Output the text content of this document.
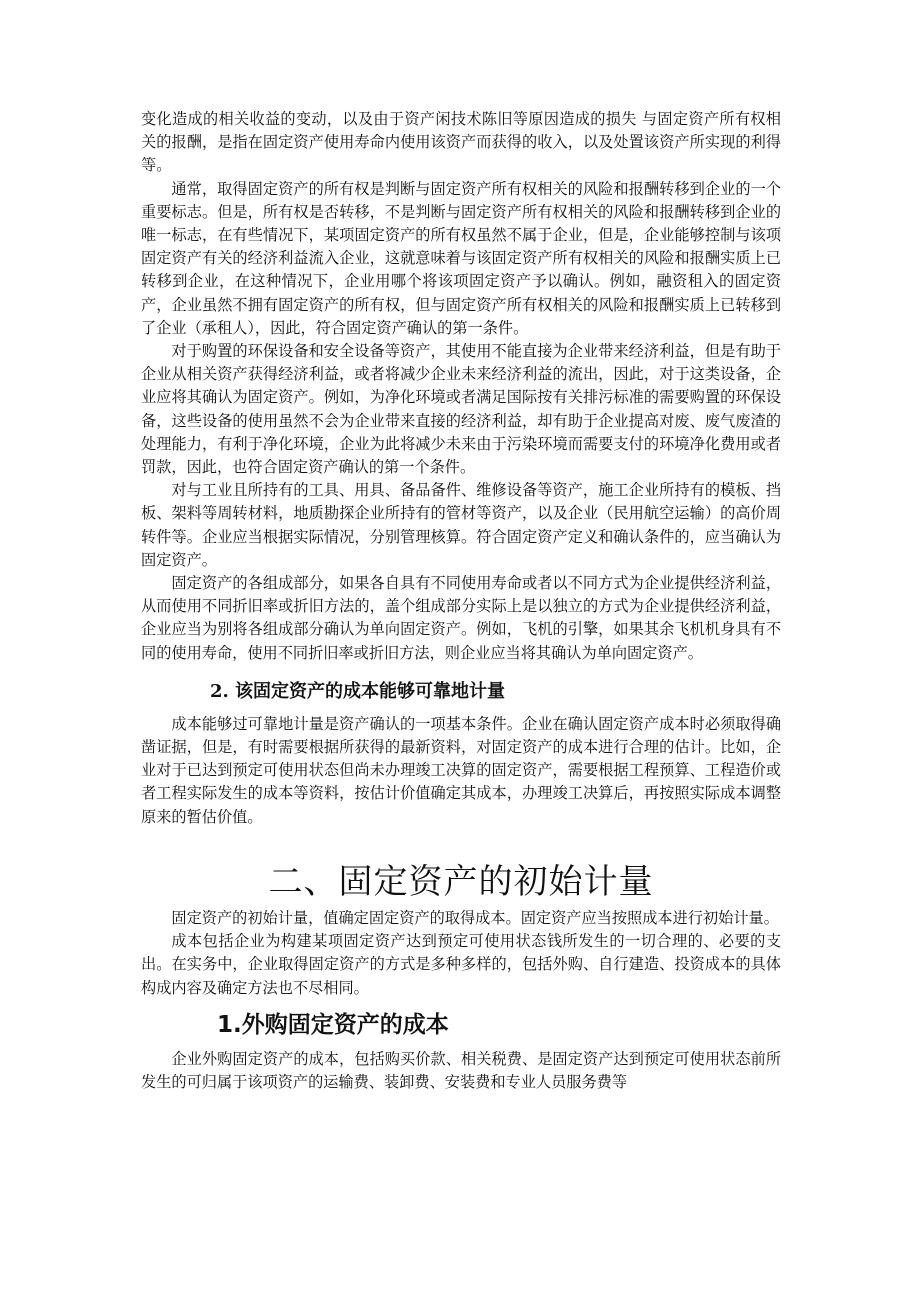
变化造成的相关收益的变动，以及由于资产闲技术陈旧等原因造成的损失 与固定资产所有权相关的报酬，是指在固定资产使用寿命内使用该资产而获得的收入，以及处置该资产所实现的利得等。

通常，取得固定资产的所有权是判断与固定资产所有权相关的风险和报酬转移到企业的一个重要标志。但是，所有权是否转移，不是判断与固定资产所有权相关的风险和报酬转移到企业的唯一标志，在有些情况下，某项固定资产的所有权虽然不属于企业，但是，企业能够控制与该项固定资产有关的经济利益流入企业，这就意味着与该固定资产所有权相关的风险和报酬实质上已转移到企业，在这种情况下，企业用哪个将该项固定资产予以确认。例如，融资租入的固定资产，企业虽然不拥有固定资产的所有权，但与固定资产所有权相关的风险和报酬实质上已转移到了企业（承租人），因此，符合固定资产确认的第一条件。

对于购置的环保设备和安全设备等资产，其使用不能直接为企业带来经济利益，但是有助于企业从相关资产获得经济利益，或者将减少企业未来经济利益的流出，因此，对于这类设备，企业应将其确认为固定资产。例如，为净化环境或者满足国际按有关排污标准的需要购置的环保设备，这些设备的使用虽然不会为企业带来直接的经济利益，却有助于企业提高对废、废气废渣的处理能力，有利于净化环境，企业为此将减少未来由于污染环境而需要支付的环境净化费用或者罚款，因此，也符合固定资产确认的第一个条件。

对与工业且所持有的工具、用具、备品备件、维修设备等资产，施工企业所持有的模板、挡板、架料等周转材料，地质勘探企业所持有的管材等资产，以及企业（民用航空运输）的高价周转件等。企业应当根据实际情况，分别管理核算。符合固定资产定义和确认条件的，应当确认为固定资产。

固定资产的各组成部分，如果各自具有不同使用寿命或者以不同方式为企业提供经济利益，从而使用不同折旧率或折旧方法的，盖个组成部分实际上是以独立的方式为企业提供经济利益，企业应当为别将各组成部分确认为单向固定资产。例如，飞机的引擎，如果其余飞机机身具有不同的使用寿命，使用不同折旧率或折旧方法，则企业应当将其确认为单向固定资产。

2. 该固定资产的成本能够可靠地计量

成本能够过可靠地计量是资产确认的一项基本条件。企业在确认固定资产成本时必须取得确凿证据，但是，有时需要根据所获得的最新资料，对固定资产的成本进行合理的估计。比如，企业对于已达到预定可使用状态但尚未办理竣工决算的固定资产，需要根据工程预算、工程造价或者工程实际发生的成本等资料，按估计价值确定其成本，办理竣工决算后，再按照实际成本调整原来的暂估价值。

二、固定资产的初始计量

固定资产的初始计量，值确定固定资产的取得成本。固定资产应当按照成本进行初始计量。

成本包括企业为构建某项固定资产达到预定可使用状态钱所发生的一切合理的、必要的支出。在实务中，企业取得固定资产的方式是多种多样的，包括外购、自行建造、投资成本的具体构成内容及确定方法也不尽相同。

1.外购固定资产的成本

企业外购固定资产的成本，包括购买价款、相关税费、是固定资产达到预定可使用状态前所发生的可归属于该项资产的运输费、装卸费、安装费和专业人员服务费等
